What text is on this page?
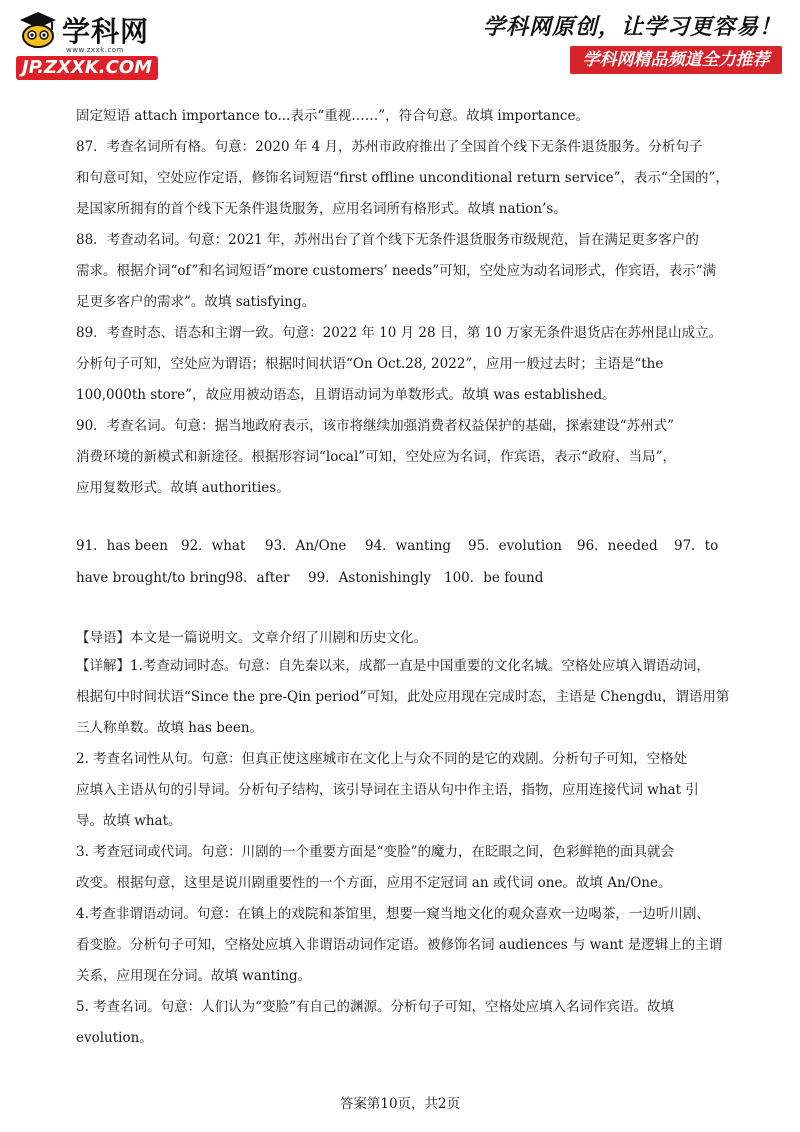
学科网
www.zxxk.com
JP.ZXXK.COM
学科网原创，让学习更容易！
学科网精品频道全力推荐
固定短语 attach importance to...表示“重视……”，符合句意。故填 importance。
87．考查名词所有格。句意：2020 年 4 月，苏州市政府推出了全国首个线下无条件退货服务。分析句子
和句意可知，空处应作定语，修饰名词短语“first offline unconditional return service”，表示“全国的”，
是国家所拥有的首个线下无条件退货服务，应用名词所有格形式。故填 nation’s。
88．考查动名词。句意：2021 年，苏州出台了首个线下无条件退货服务市级规范，旨在满足更多客户的
需求。根据介词“of”和名词短语“more customers’ needs”可知，空处应为动名词形式，作宾语，表示“满
足更多客户的需求”。故填 satisfying。
89．考查时态、语态和主谓一致。句意：2022 年 10 月 28 日，第 10 万家无条件退货店在苏州昆山成立。
分析句子可知，空处应为谓语；根据时间状语“On Oct.28, 2022”，应用一般过去时；主语是“the
100,000th store”，故应用被动语态，且谓语动词为单数形式。故填 was established。
90．考查名词。句意：据当地政府表示，该市将继续加强消费者权益保护的基础，探索建设“苏州式”
消费环境的新模式和新途径。根据形容词“local”可知，空处应为名词，作宾语，表示“政府、当局”，
应用复数形式。故填 authorities。
91．has been 92．what 93．An/One 94．wanting 95．evolution 96．needed 97．to
have brought/to bring 98．after 99．Astonishingly 100．be found
【导语】本文是一篇说明文。文章介绍了川剧和历史文化。
【详解】1.考查动词时态。句意：自先秦以来，成都一直是中国重要的文化名城。空格处应填入谓语动词，
根据句中时间状语“Since the pre-Qin period”可知，此处应用现在完成时态，主语是 Chengdu，谓语用第
三人称单数。故填 has been。
2. 考查名词性从句。句意：但真正使这座城市在文化上与众不同的是它的戏剧。分析句子可知，空格处
应填入主语从句的引导词。分析句子结构，该引导词在主语从句中作主语，指物，应用连接代词 what 引
导。故填 what。
3. 考查冠词或代词。句意：川剧的一个重要方面是“变脸”的魔力，在眨眼之间，色彩鲜艳的面具就会
改变。根据句意，这里是说川剧重要性的一个方面，应用不定冠词 an 或代词 one。故填 An/One。
4.考查非谓语动词。句意：在镇上的戏院和茶馆里，想要一窥当地文化的观众喜欢一边喝茶，一边听川剧、
看变脸。分析句子可知，空格处应填入非谓语动词作定语。被修饰名词 audiences 与 want 是逻辑上的主谓
关系，应用现在分词。故填 wanting。
5. 考查名词。句意：人们认为“变脸”有自己的渊源。分析句子可知，空格处应填入名词作宾语。故填
evolution。
答案第10页，共2页
